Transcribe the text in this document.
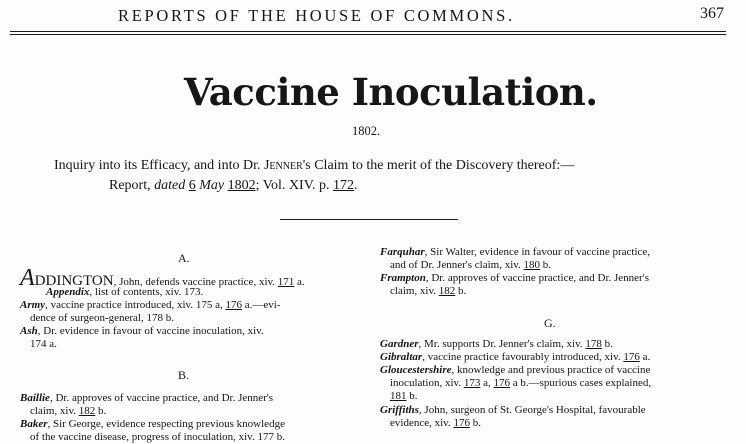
REPORTS OF THE HOUSE OF COMMONS.	367
Vaccine Inoculation.
1802.
Inquiry into its Efficacy, and into Dr. Jenner's Claim to the merit of the Discovery thereof:—
Report, dated 6 May 1802; Vol. XIV. p. 172.
A.
ADDINGTON, John, defends vaccine practice, xiv. 171 a.
Appendix, list of contents, xiv. 173.
Army, vaccine practice introduced, xiv. 175 a, 176 a.—evi-
dence of surgeon-general, 178 b.
Ash, Dr. evidence in favour of vaccine inoculation, xiv.
174 a.
B.
Baillie, Dr. approves of vaccine practice, and Dr. Jenner's
claim, xiv. 182 b.
Baker, Sir George, evidence respecting previous knowledge
of the vaccine disease, progress of inoculation, xiv. 177 b.
Farquhar, Sir Walter, evidence in favour of vaccine practice,
and of Dr. Jenner's claim, xiv. 180 b.
Frampton, Dr. approves of vaccine practice, and Dr. Jenner's
claim, xiv. 182 b.
G.
Gardner, Mr. supports Dr. Jenner's claim, xiv. 178 b.
Gibraltar, vaccine practice favourably introduced, xiv. 176 a.
Gloucestershire, knowledge and previous practice of vaccine
inoculation, xiv. 173 a, 176 a b.—spurious cases explained,
181 b.
Griffiths, John, surgeon of St. George's Hospital, favourable
evidence, xiv. 176 b.
